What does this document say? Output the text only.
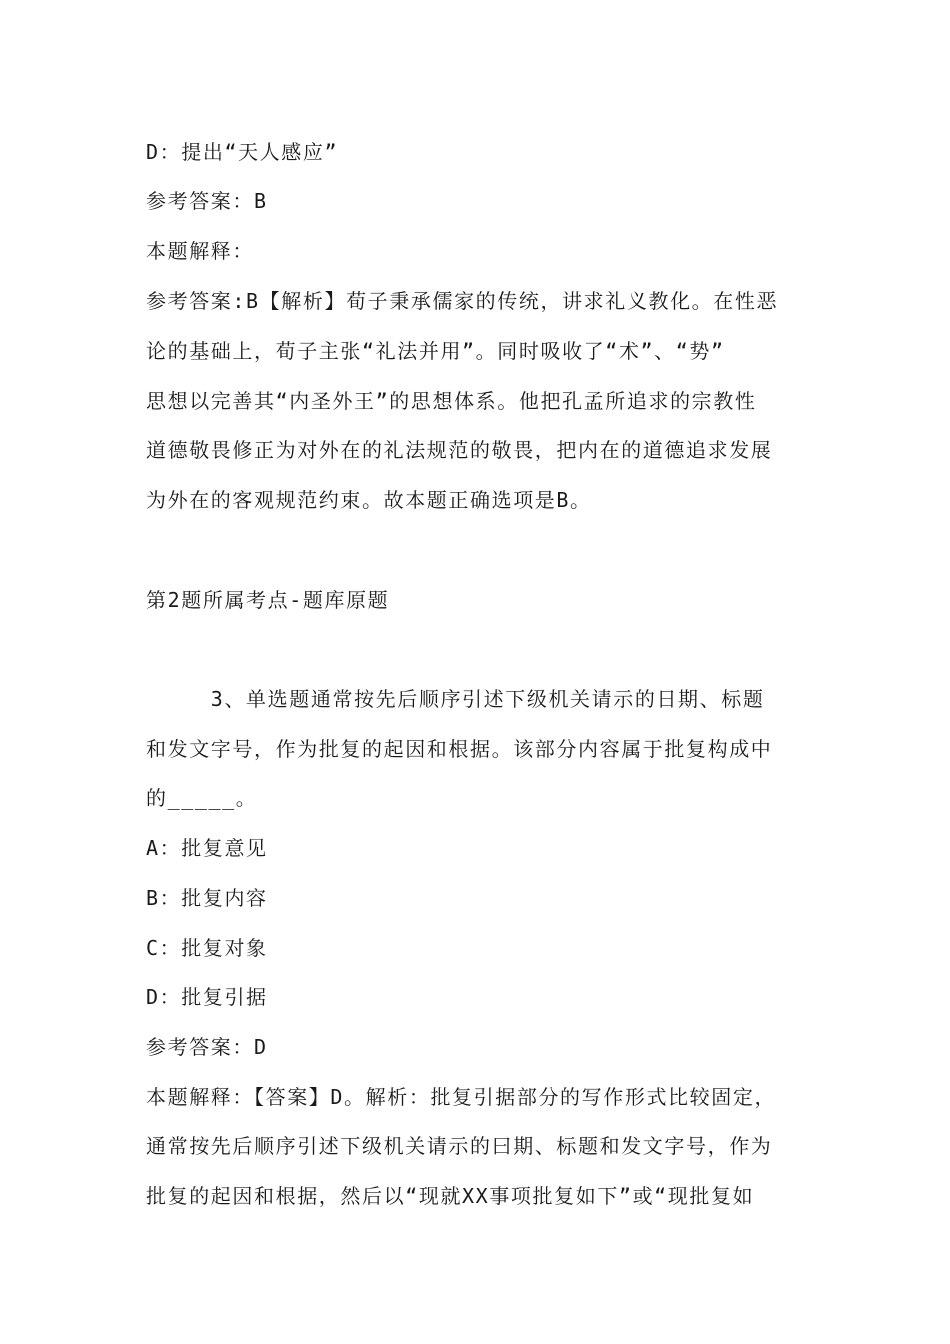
D：提出“天人感应”
参考答案：B
本题解释：
参考答案:B【解析】荀子秉承儒家的传统，讲求礼义教化。在性恶
论的基础上，荀子主张“礼法并用”。同时吸收了“术”、“势”
思想以完善其“内圣外王”的思想体系。他把孔孟所追求的宗教性
道德敬畏修正为对外在的礼法规范的敬畏，把内在的道德追求发展
为外在的客观规范约束。故本题正确选项是B。
第2题所属考点-题库原题
　　　3、单选题通常按先后顺序引述下级机关请示的日期、标题
和发文字号，作为批复的起因和根据。该部分内容属于批复构成中
的_____。
A：批复意见
B：批复内容
C：批复对象
D：批复引据
参考答案：D
本题解释：【答案】D。解析：批复引据部分的写作形式比较固定，
通常按先后顺序引述下级机关请示的曰期、标题和发文字号，作为
批复的起因和根据，然后以“现就XX事项批复如下”或“现批复如
